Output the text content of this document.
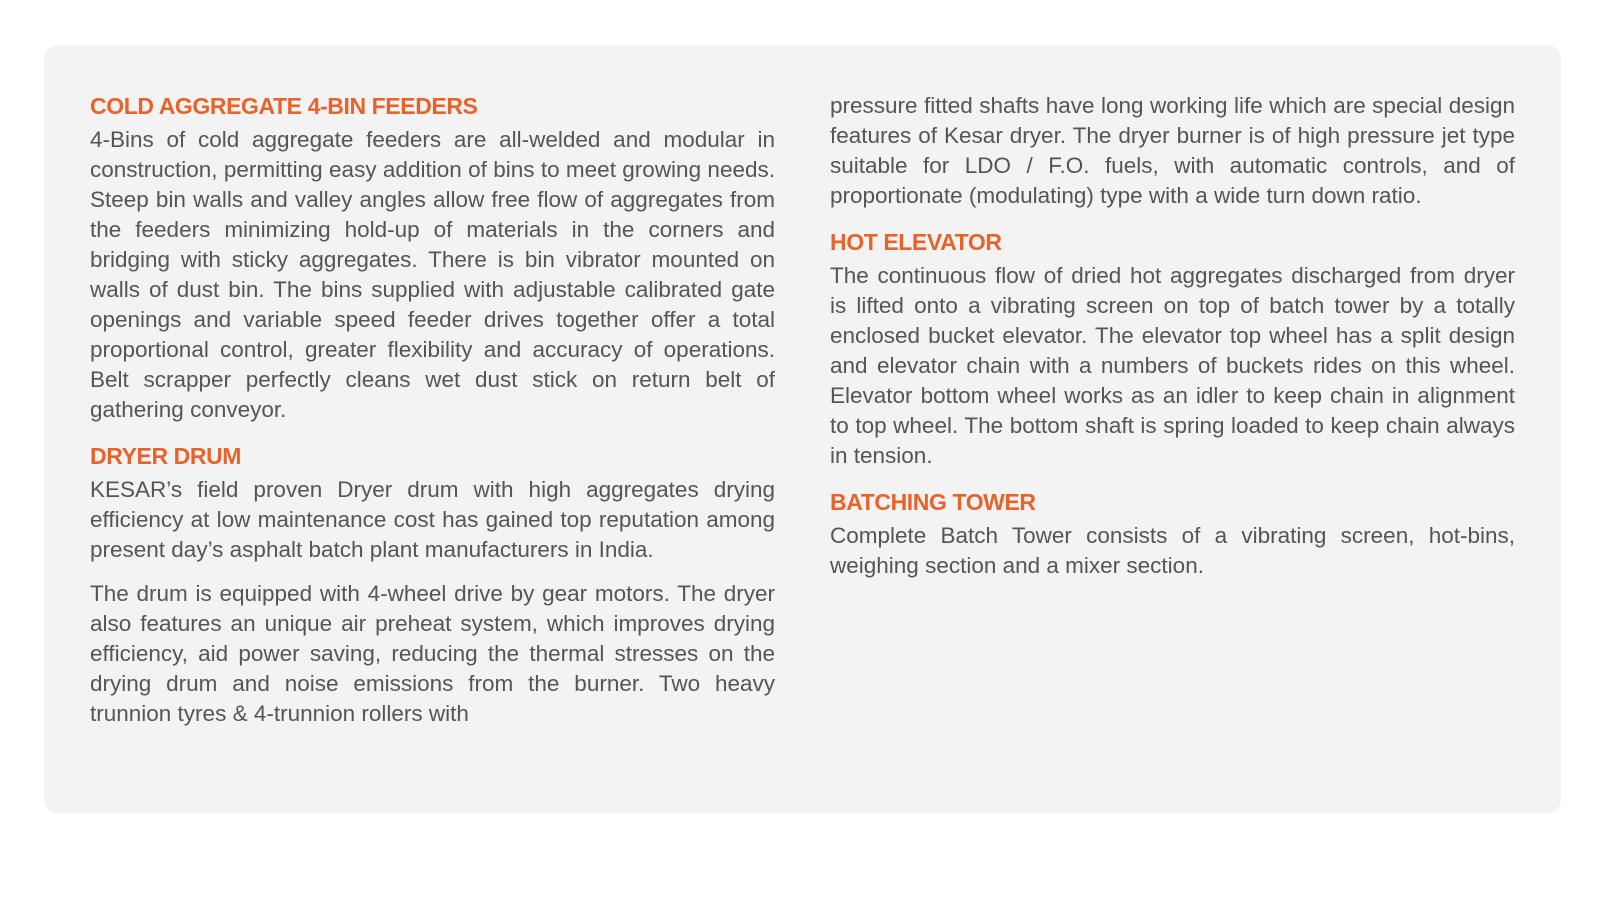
COLD AGGREGATE 4-BIN FEEDERS

4-Bins of cold aggregate feeders are all-welded and modular in construction, permitting easy addition of bins to meet growing needs. Steep bin walls and valley angles allow free flow of aggregates from the feeders minimizing hold-up of materials in the corners and bridging with sticky aggregates. There is bin vibrator mounted on walls of dust bin. The bins supplied with adjustable calibrated gate openings and variable speed feeder drives together offer a total proportional control, greater flexibility and accuracy of operations. Belt scrapper perfectly cleans wet dust stick on return belt of gathering conveyor.

DRYER DRUM

KESAR’s field proven Dryer drum with high aggregates drying efficiency at low maintenance cost has gained top reputation among present day’s asphalt batch plant manufacturers in India.

The drum is equipped with 4-wheel drive by gear motors. The dryer also features an unique air preheat system, which improves drying efficiency, aid power saving, reducing the thermal stresses on the drying drum and noise emissions from the burner. Two heavy trunnion tyres & 4-trunnion rollers with

pressure fitted shafts have long working life which are special design features of Kesar dryer. The dryer burner is of high pressure jet type suitable for LDO / F.O. fuels, with automatic controls, and of proportionate (modulating) type with a wide turn down ratio.

HOT ELEVATOR

The continuous flow of dried hot aggregates discharged from dryer is lifted onto a vibrating screen on top of batch tower by a totally enclosed bucket elevator. The elevator top wheel has a split design and elevator chain with a numbers of buckets rides on this wheel. Elevator bottom wheel works as an idler to keep chain in alignment to top wheel. The bottom shaft is spring loaded to keep chain always in tension.

BATCHING TOWER

Complete Batch Tower consists of a vibrating screen, hot-bins, weighing section and a mixer section.
